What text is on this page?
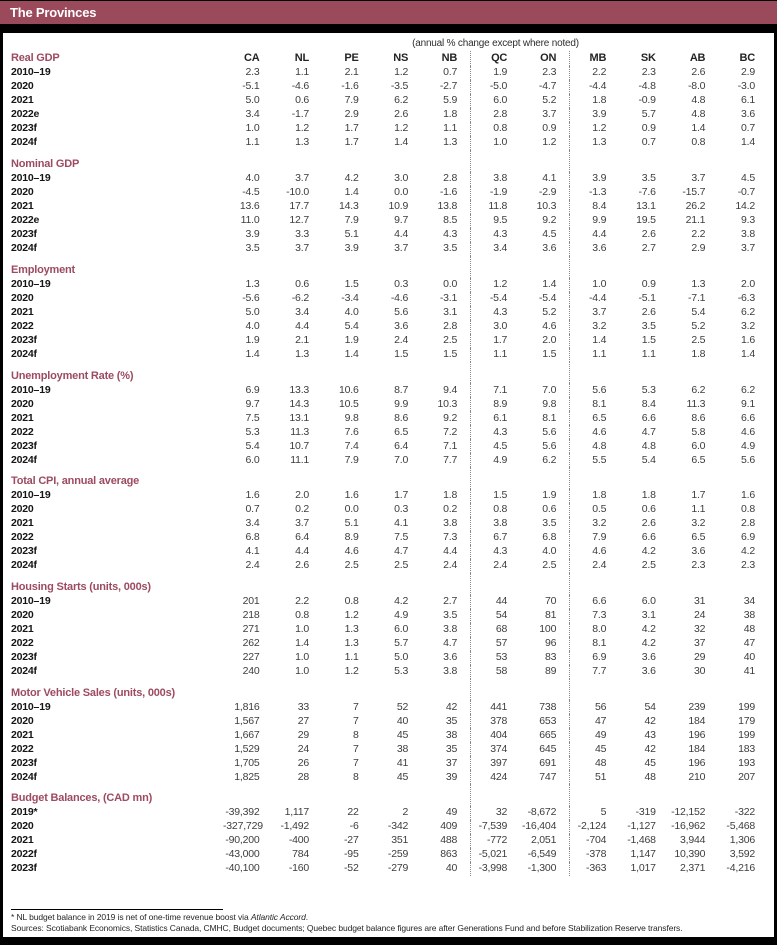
The Provinces
	(annual % change except where noted)										
Real GDP	CA	NL	PE	NS	NB	QC	ON	MB	SK	AB	BC
2010–19	2.3	1.1	2.1	1.2	0.7	1.9	2.3	2.2	2.3	2.6	2.9
2020	-5.1	-4.6	-1.6	-3.5	-2.7	-5.0	-4.7	-4.4	-4.8	-8.0	-3.0
2021	5.0	0.6	7.9	6.2	5.9	6.0	5.2	1.8	-0.9	4.8	6.1
2022e	3.4	-1.7	2.9	2.6	1.8	2.8	3.7	3.9	5.7	4.8	3.6
2023f	1.0	1.2	1.7	1.2	1.1	0.8	0.9	1.2	0.9	1.4	0.7
2024f	1.1	1.3	1.7	1.4	1.3	1.0	1.2	1.3	0.7	0.8	1.4
Nominal GDP											
2010–19	4.0	3.7	4.2	3.0	2.8	3.8	4.1	3.9	3.5	3.7	4.5
2020	-4.5	-10.0	1.4	0.0	-1.6	-1.9	-2.9	-1.3	-7.6	-15.7	-0.7
2021	13.6	17.7	14.3	10.9	13.8	11.8	10.3	8.4	13.1	26.2	14.2
2022e	11.0	12.7	7.9	9.7	8.5	9.5	9.2	9.9	19.5	21.1	9.3
2023f	3.9	3.3	5.1	4.4	4.3	4.3	4.5	4.4	2.6	2.2	3.8
2024f	3.5	3.7	3.9	3.7	3.5	3.4	3.6	3.6	2.7	2.9	3.7
Employment											
2010–19	1.3	0.6	1.5	0.3	0.0	1.2	1.4	1.0	0.9	1.3	2.0
2020	-5.6	-6.2	-3.4	-4.6	-3.1	-5.4	-5.4	-4.4	-5.1	-7.1	-6.3
2021	5.0	3.4	4.0	5.6	3.1	4.3	5.2	3.7	2.6	5.4	6.2
2022	4.0	4.4	5.4	3.6	2.8	3.0	4.6	3.2	3.5	5.2	3.2
2023f	1.9	2.1	1.9	2.4	2.5	1.7	2.0	1.4	1.5	2.5	1.6
2024f	1.4	1.3	1.4	1.5	1.5	1.1	1.5	1.1	1.1	1.8	1.4
Unemployment Rate (%)											
2010–19	6.9	13.3	10.6	8.7	9.4	7.1	7.0	5.6	5.3	6.2	6.2
2020	9.7	14.3	10.5	9.9	10.3	8.9	9.8	8.1	8.4	11.3	9.1
2021	7.5	13.1	9.8	8.6	9.2	6.1	8.1	6.5	6.6	8.6	6.6
2022	5.3	11.3	7.6	6.5	7.2	4.3	5.6	4.6	4.7	5.8	4.6
2023f	5.4	10.7	7.4	6.4	7.1	4.5	5.6	4.8	4.8	6.0	4.9
2024f	6.0	11.1	7.9	7.0	7.7	4.9	6.2	5.5	5.4	6.5	5.6
Total CPI, annual average											
2010–19	1.6	2.0	1.6	1.7	1.8	1.5	1.9	1.8	1.8	1.7	1.6
2020	0.7	0.2	0.0	0.3	0.2	0.8	0.6	0.5	0.6	1.1	0.8
2021	3.4	3.7	5.1	4.1	3.8	3.8	3.5	3.2	2.6	3.2	2.8
2022	6.8	6.4	8.9	7.5	7.3	6.7	6.8	7.9	6.6	6.5	6.9
2023f	4.1	4.4	4.6	4.7	4.4	4.3	4.0	4.6	4.2	3.6	4.2
2024f	2.4	2.6	2.5	2.5	2.4	2.4	2.5	2.4	2.5	2.3	2.3
Housing Starts (units, 000s)											
2010–19	201	2.2	0.8	4.2	2.7	44	70	6.6	6.0	31	34
2020	218	0.8	1.2	4.9	3.5	54	81	7.3	3.1	24	38
2021	271	1.0	1.3	6.0	3.8	68	100	8.0	4.2	32	48
2022	262	1.4	1.3	5.7	4.7	57	96	8.1	4.2	37	47
2023f	227	1.0	1.1	5.0	3.6	53	83	6.9	3.6	29	40
2024f	240	1.0	1.2	5.3	3.8	58	89	7.7	3.6	30	41
Motor Vehicle Sales (units, 000s)											
2010–19	1,816	33	7	52	42	441	738	56	54	239	199
2020	1,567	27	7	40	35	378	653	47	42	184	179
2021	1,667	29	8	45	38	404	665	49	43	196	199
2022	1,529	24	7	38	35	374	645	45	42	184	183
2023f	1,705	26	7	41	37	397	691	48	45	196	193
2024f	1,825	28	8	45	39	424	747	51	48	210	207
Budget Balances, (CAD mn)											
2019*	-39,392	1,117	22	2	49	32	-8,672	5	-319	-12,152	-322
2020	-327,729	-1,492	-6	-342	409	-7,539	-16,404	-2,124	-1,127	-16,962	-5,468
2021	-90,200	-400	-27	351	488	-772	2,051	-704	-1,468	3,944	1,306
2022f	-43,000	784	-95	-259	863	-5,021	-6,549	-378	1,147	10,390	3,592
2023f	-40,100	-160	-52	-279	40	-3,998	-1,300	-363	1,017	2,371	-4,216
* NL budget balance in 2019 is net of one-time revenue boost via Atlantic Accord.
Sources: Scotiabank Economics, Statistics Canada, CMHC, Budget documents; Quebec budget balance figures are after Generations Fund and before Stabilization Reserve transfers.
